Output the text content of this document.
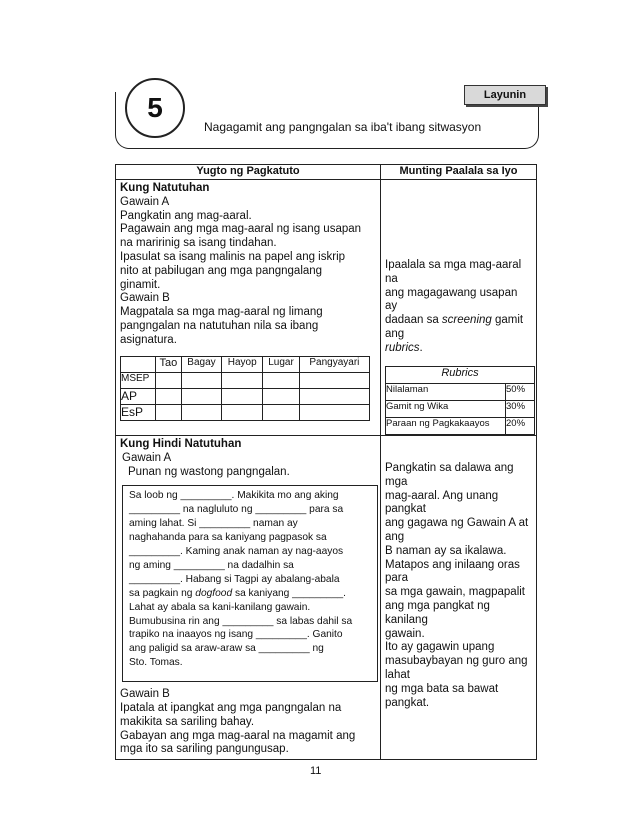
5	Layunin
Nagagamit ang pangngalan sa iba't ibang sitwasyon
Yugto ng Pagkatuto	Munting Paalala sa Iyo

Kung Natutuhan
Gawain A
Pangkatin ang mag-aaral.
Pagawain ang mga mag-aaral ng isang usapan
na maririnig sa isang tindahan.
Ipasulat sa isang malinis na papel ang iskrip
nito at pabilugan ang mga pangngalang
ginamit.
Gawain B
Magpatala sa mga mag-aaral ng limang
pangngalan na natutuhan nila sa ibang
asignatura.
	Tao	Bagay	Hayop	Lugar	Pangyayari
MSEP					
AP					
EsP					

Ipaalala sa mga mag-aaral na
ang magagawang usapan ay
dadaan sa screening gamit ang
rubrics.
Rubrics
Nilalaman	50%
Gamit ng Wika	30%
Paraan ng Pagkakaayos	20%

Kung Hindi Natutuhan
Gawain A
Punan ng wastong pangngalan.
Sa loob ng _________. Makikita mo ang aking
_________ na nagluluto ng _________ para sa
aming lahat. Si _________ naman ay
naghahanda para sa kaniyang pagpasok sa
_________. Kaming anak naman ay nag-aayos
ng aming _________ na dadalhin sa
_________. Habang si Tagpi ay abalang-abala
sa pagkain ng dogfood sa kaniyang _________.
Lahat ay abala sa kani-kanilang gawain.
Bumubusina rin ang _________ sa labas dahil sa
trapiko na inaayos ng isang _________. Ganito
ang paligid sa araw-araw sa _________ ng
Sto. Tomas.
Gawain B
Ipatala at ipangkat ang mga pangngalan na
makikita sa sariling bahay.
Gabayan ang mga mag-aaral na magamit ang
mga ito sa sariling pangungusap.

Pangkatin sa dalawa ang mga
mag-aaral. Ang unang pangkat
ang gagawa ng Gawain A at ang
B naman ay sa ikalawa.
Matapos ang inilaang oras para
sa mga gawain, magpapalit
ang mga pangkat ng kanilang
gawain.
Ito ay gagawin upang
masubaybayan ng guro ang lahat
ng mga bata sa bawat pangkat.
11
